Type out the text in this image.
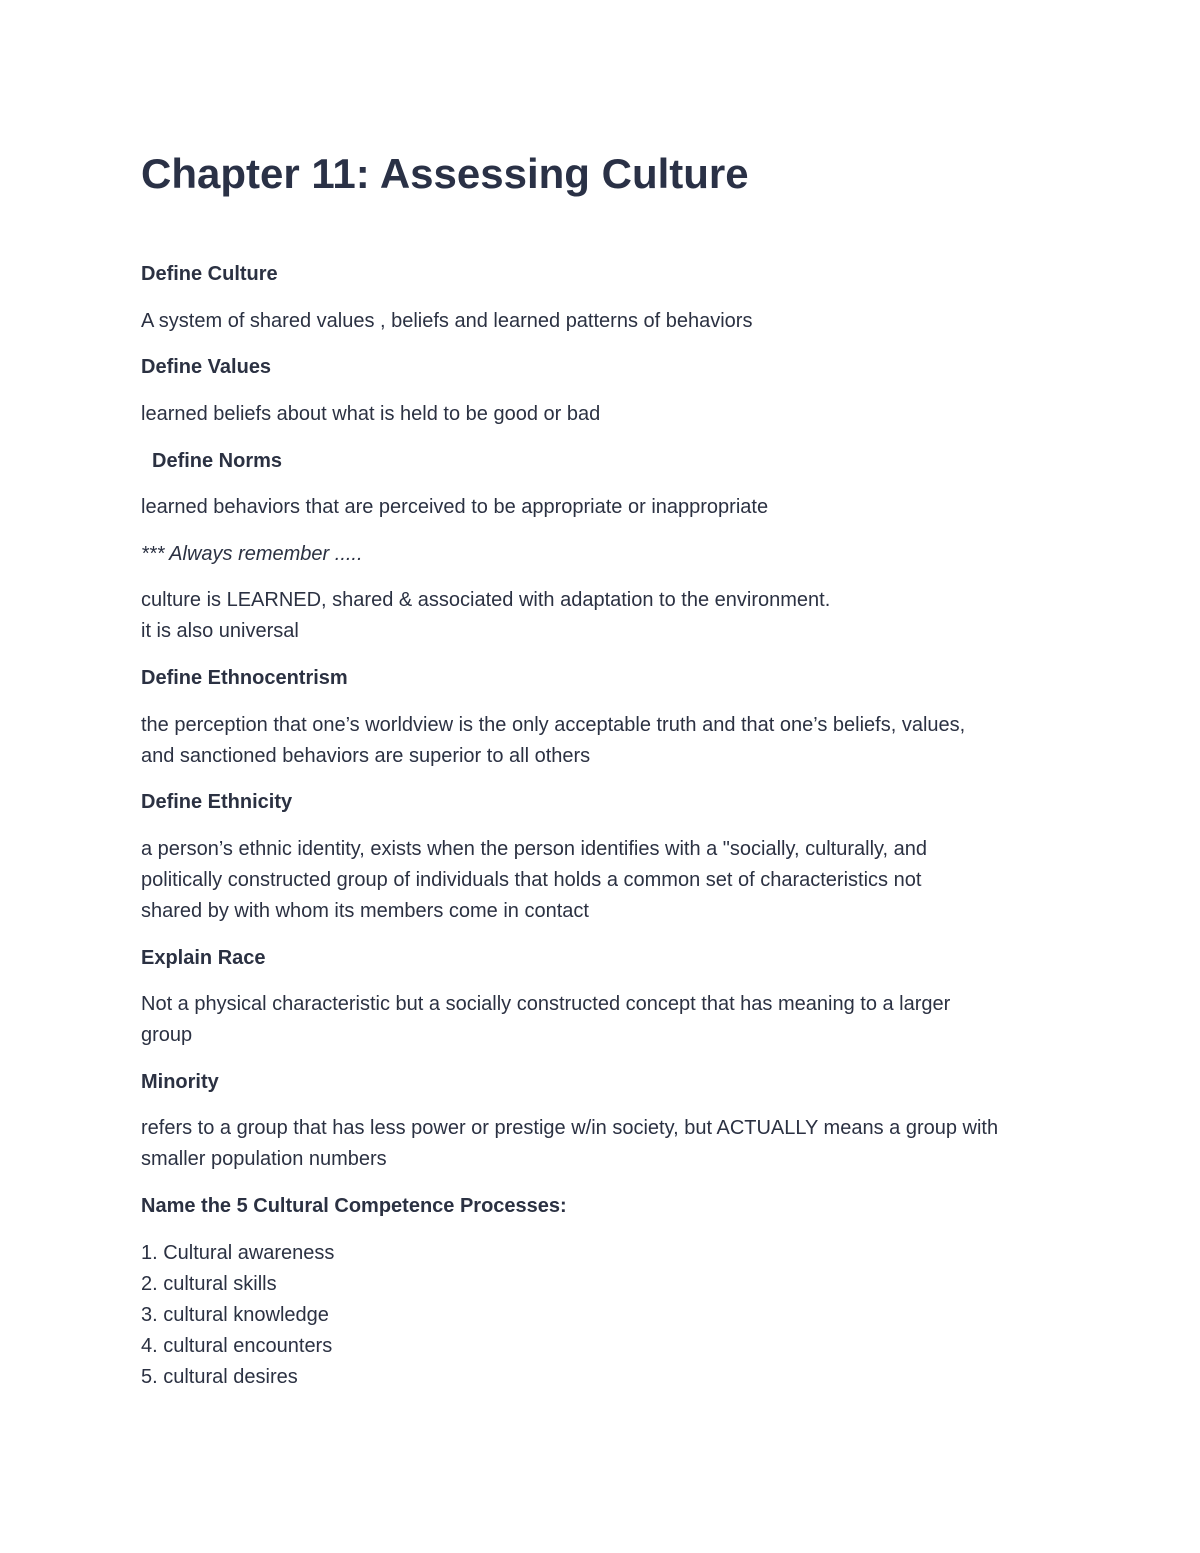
Chapter 11: Assessing Culture

Define Culture

A system of shared values , beliefs and learned patterns of behaviors

Define Values

learned beliefs about what is held to be good or bad

Define Norms

learned behaviors that are perceived to be appropriate or inappropriate

*** Always remember .....

culture is LEARNED, shared & associated with adaptation to the environment.

it is also universal

Define Ethnocentrism

the perception that one’s worldview is the only acceptable truth and that one’s beliefs, values,

and sanctioned behaviors are superior to all others

Define Ethnicity

a person’s ethnic identity, exists when the person identifies with a "socially, culturally, and

politically constructed group of individuals that holds a common set of characteristics not

shared by with whom its members come in contact

Explain Race

Not a physical characteristic but a socially constructed concept that has meaning to a larger

group

Minority

refers to a group that has less power or prestige w/in society, but ACTUALLY means a group with

smaller population numbers

Name the 5 Cultural Competence Processes:

1. Cultural awareness

2. cultural skills

3. cultural knowledge

4. cultural encounters

5. cultural desires
